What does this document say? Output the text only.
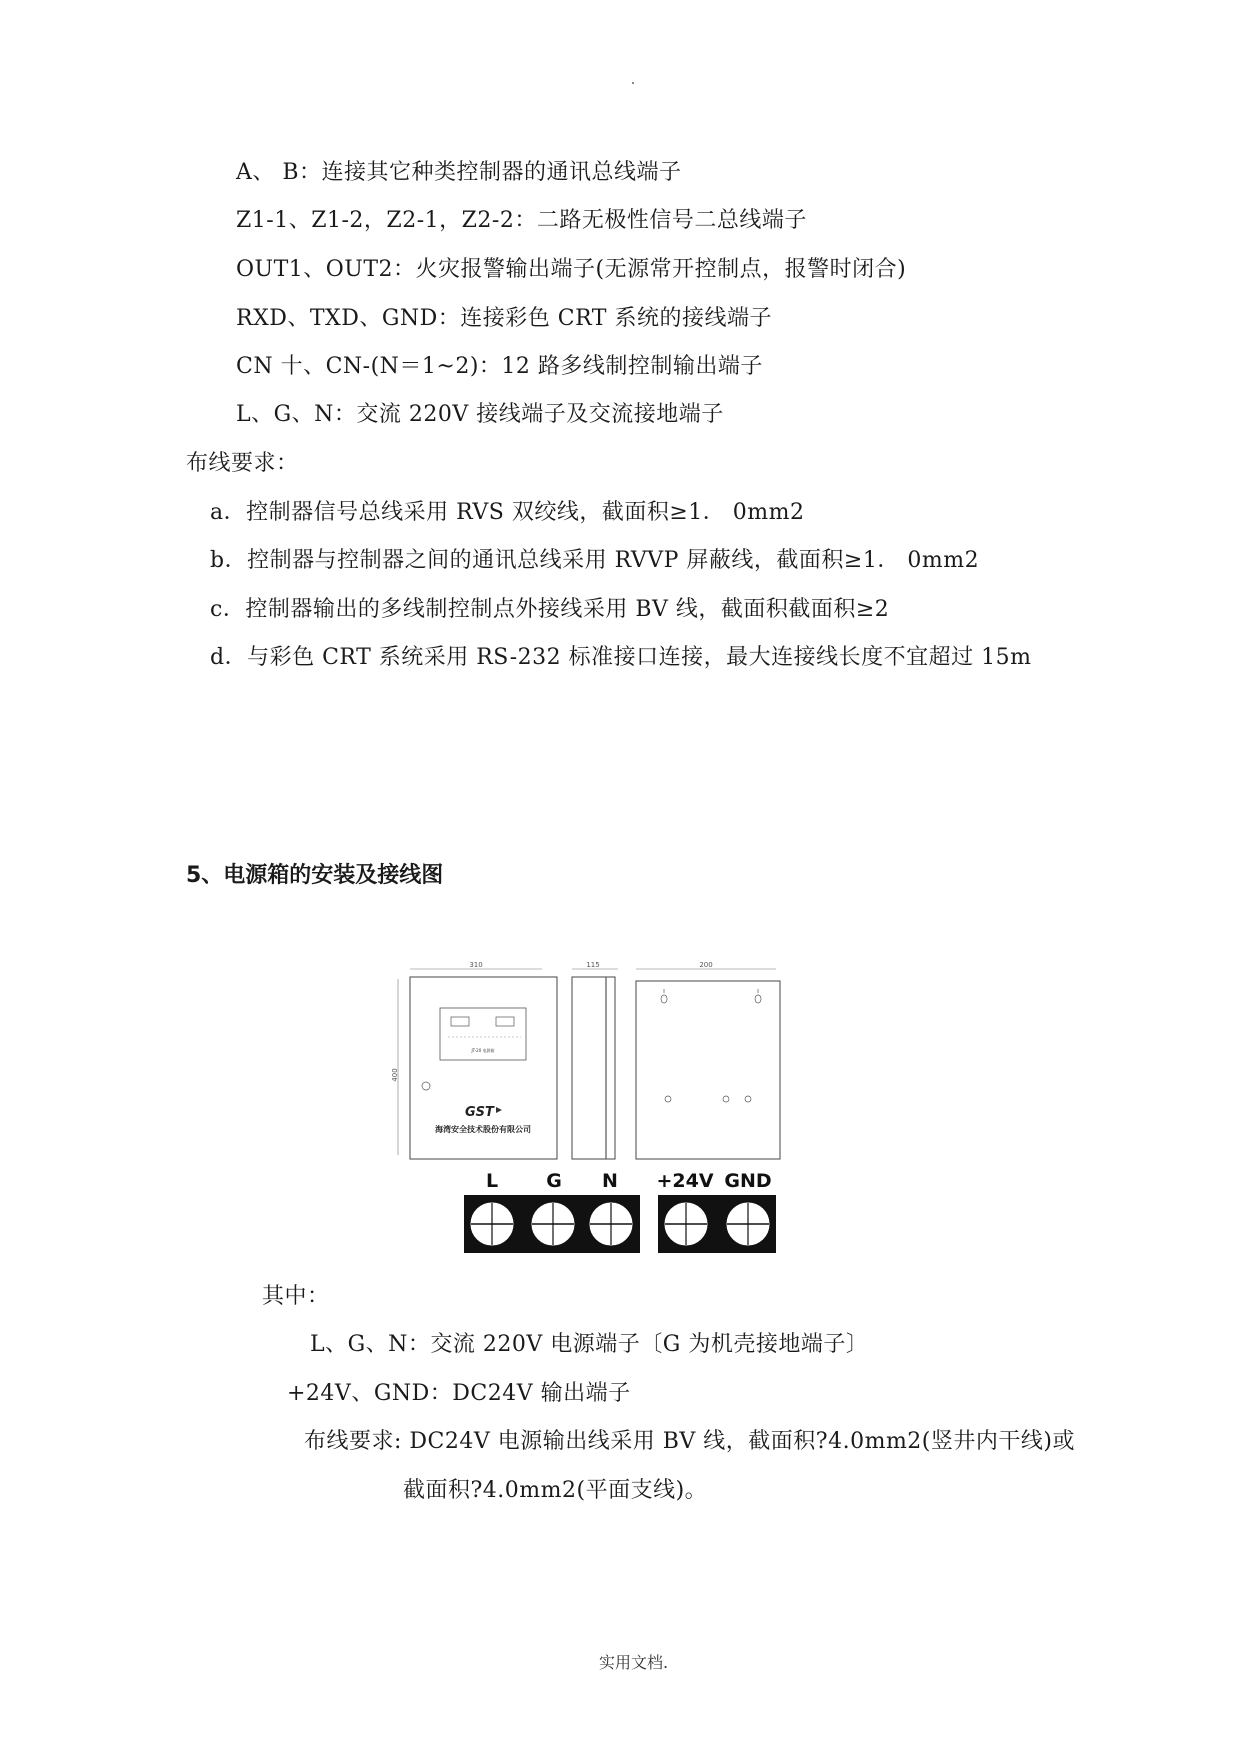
A、 B：连接其它种类控制器的通讯总线端子
Z1-1、Z1-2，Z2-1，Z2-2：二路无极性信号二总线端子
OUT1、OUT2：火灾报警输出端子(无源常开控制点，报警时闭合)
RXD、TXD、GND：连接彩色 CRT 系统的接线端子
CN 十、CN-(N＝1~2)：12 路多线制控制输出端子
L、G、N：交流 220V 接线端子及交流接地端子
布线要求：
a．控制器信号总线采用 RVS 双绞线，截面积≥1． 0mm2
b．控制器与控制器之间的通讯总线采用 RVVP 屏蔽线，截面积≥1． 0mm2
c．控制器输出的多线制控制点外接线采用 BV 线，截面积截面积≥2
d．与彩色 CRT 系统采用 RS-232 标准接口连接，最大连接线长度不宜超过 15m
5、电源箱的安装及接线图
310
400
JT-20 电源箱
GST
海湾安全技术股份有限公司
115	200
L	G N +24V GND
其中：
L、G、N：交流 220V 电源端子〔G 为机壳接地端子〕
+24V、GND：DC24V 输出端子
布线要求: DC24V 电源输出线采用 BV 线，截面积?4.0mm2(竖井内干线)或
截面积?4.0mm2(平面支线)。
实用文档.
